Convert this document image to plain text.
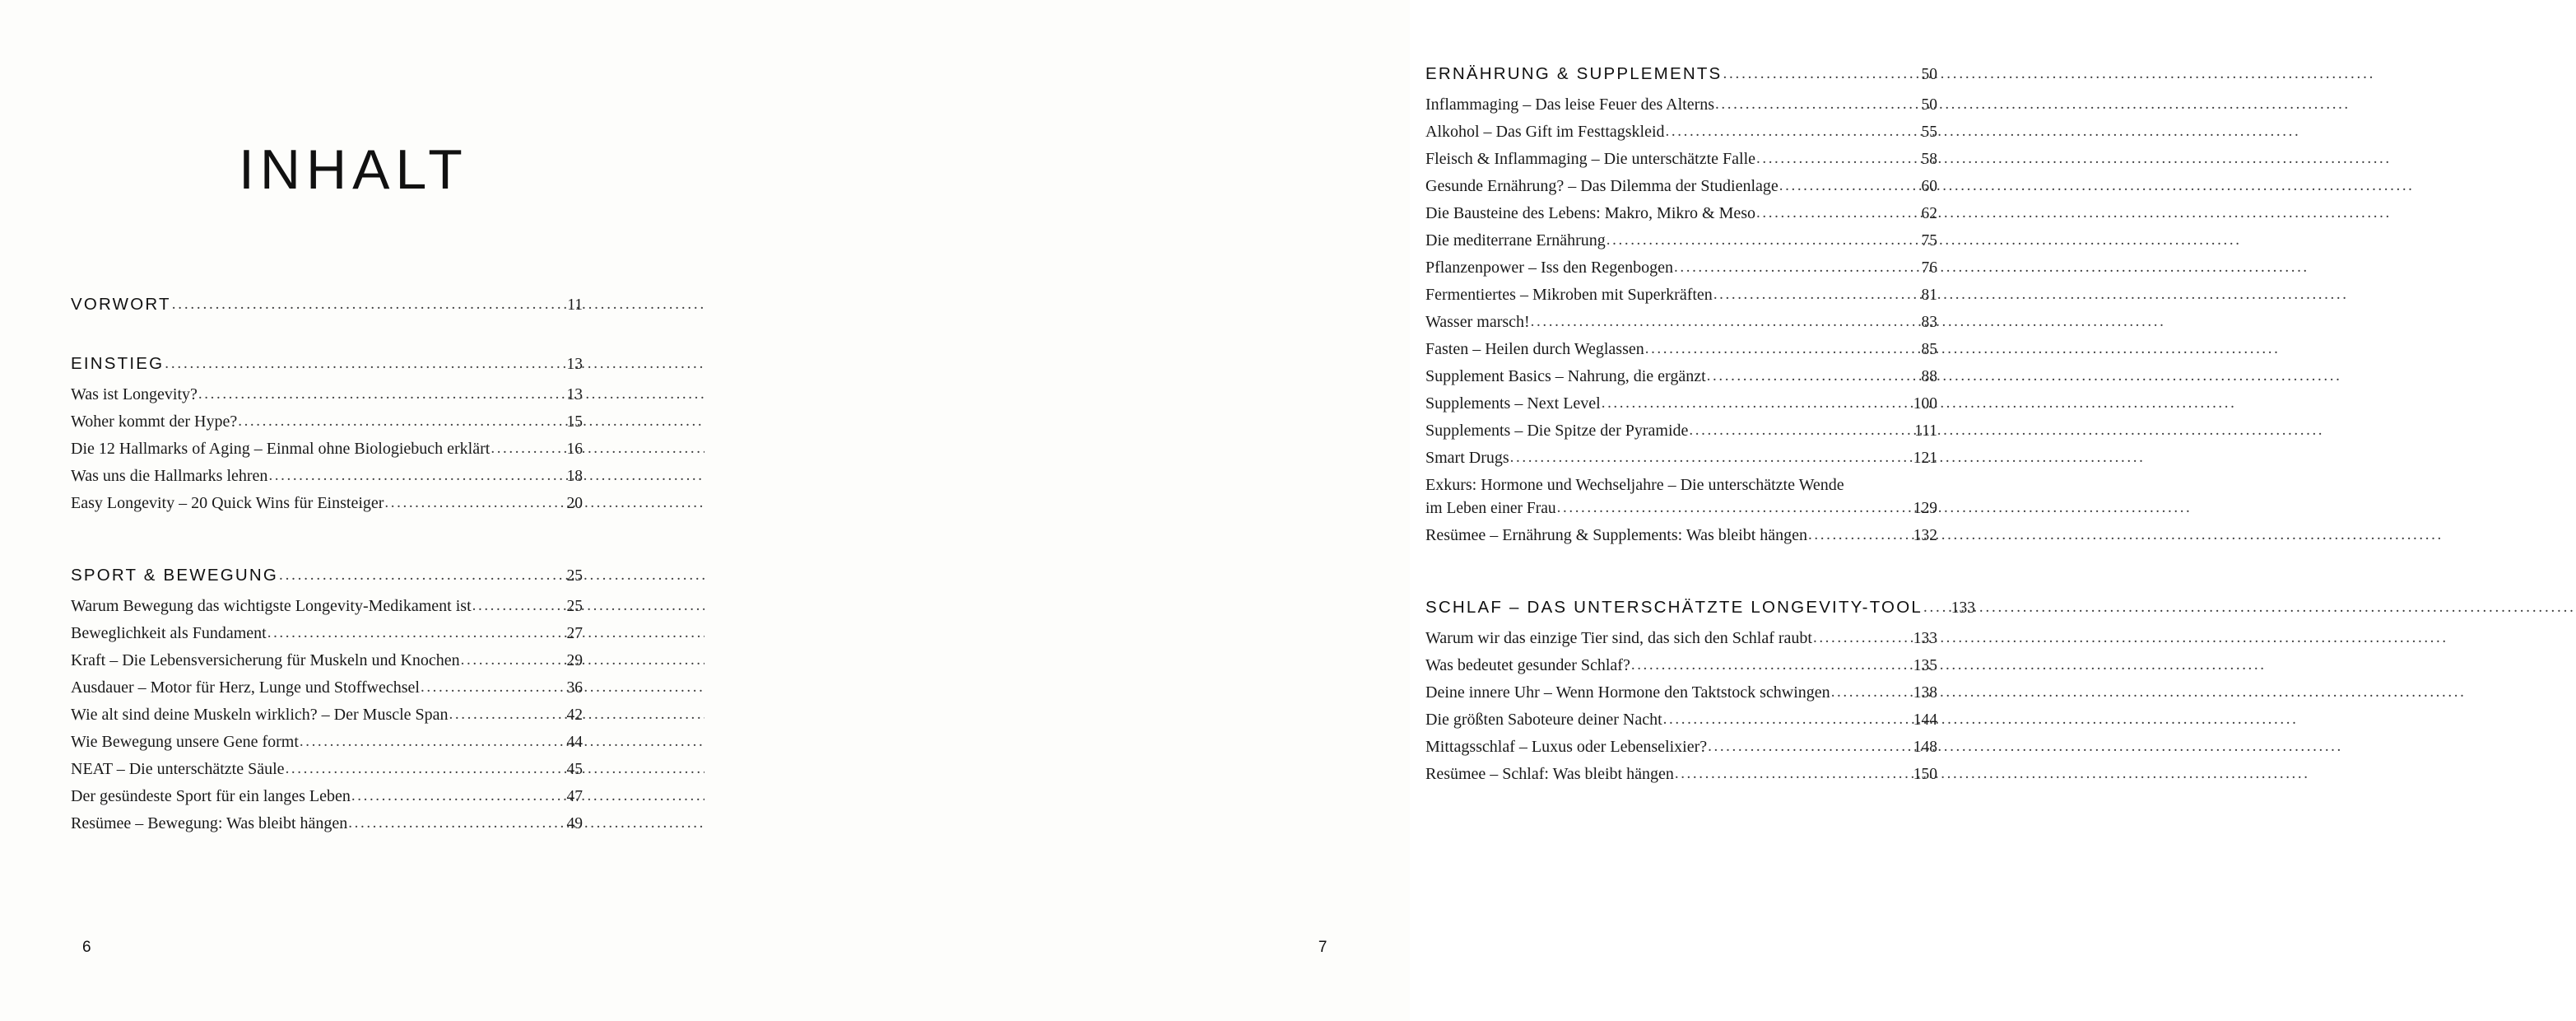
INHALT
VORWORT .....	11
EINSTIEG .....	13
Was ist Longevity? .....	13
Woher kommt der Hype? .....	15
Die 12 Hallmarks of Aging – Einmal ohne Biologiebuch erklärt .....	16
Was uns die Hallmarks lehren .....	18
Easy Longevity – 20 Quick Wins für Einsteiger .....	20
SPORT & BEWEGUNG .....	25
Warum Bewegung das wichtigste Longevity-Medikament ist .....	25
Beweglichkeit als Fundament .....	27
Kraft – Die Lebensversicherung für Muskeln und Knochen .....	29
Ausdauer – Motor für Herz, Lunge und Stoffwechsel .....	36
Wie alt sind deine Muskeln wirklich? – Der Muscle Span .....	42
Wie Bewegung unsere Gene formt .....	44
NEAT – Die unterschätzte Säule .....	45
Der gesündeste Sport für ein langes Leben .....	47
Resümee – Bewegung: Was bleibt hängen .....	49
6
ERNÄHRUNG & SUPPLEMENTS .....	50
Inflammaging – Das leise Feuer des Alterns .....	50
Alkohol – Das Gift im Festtagskleid .....	55
Fleisch & Inflammaging – Die unterschätzte Falle .....	58
Gesunde Ernährung? – Das Dilemma der Studienlage .....	60
Die Bausteine des Lebens: Makro, Mikro & Meso .....	62
Die mediterrane Ernährung .....	75
Pflanzenpower – Iss den Regenbogen .....	76
Fermentiertes – Mikroben mit Superkräften .....	81
Wasser marsch! .....	83
Fasten – Heilen durch Weglassen .....	85
Supplement Basics – Nahrung, die ergänzt .....	88
Supplements – Next Level .....	100
Supplements – Die Spitze der Pyramide .....	111
Smart Drugs .....	121
Exkurs: Hormone und Wechseljahre – Die unterschätzte Wende
im Leben einer Frau .....	129
Resümee – Ernährung & Supplements: Was bleibt hängen .....	132
SCHLAF – DAS UNTERSCHÄTZTE LONGEVITY-TOOL .....	133
Warum wir das einzige Tier sind, das sich den Schlaf raubt .....	133
Was bedeutet gesunder Schlaf? .....	135
Deine innere Uhr – Wenn Hormone den Taktstock schwingen .....	138
Die größten Saboteure deiner Nacht .....	144
Mittagsschlaf – Luxus oder Lebenselixier? .....	148
Resümee – Schlaf: Was bleibt hängen .....	150
7
